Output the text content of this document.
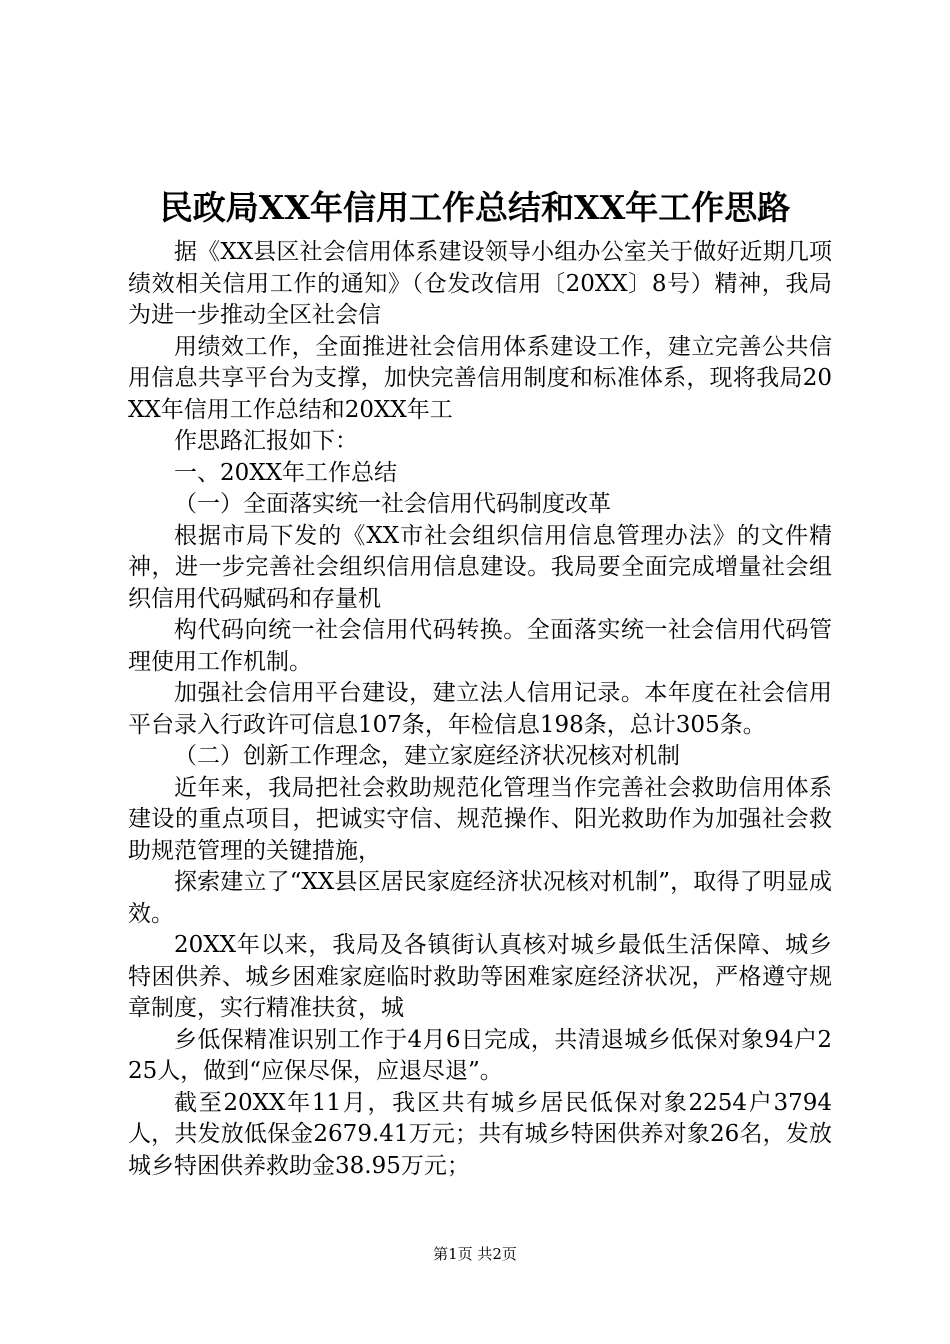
民政局XX年信用工作总结和XX年工作思路

据《XX县区社会信用体系建设领导小组办公室关于做好近期几项绩效相关信用工作的通知》（仓发改信用〔20XX〕8号）精神，我局为进一步推动全区社会信

用绩效工作，全面推进社会信用体系建设工作，建立完善公共信用信息共享平台为支撑，加快完善信用制度和标准体系，现将我局20XX年信用工作总结和20XX年工

作思路汇报如下：

一、20XX年工作总结

（一）全面落实统一社会信用代码制度改革

根据市局下发的《XX市社会组织信用信息管理办法》的文件精神，进一步完善社会组织信用信息建设。我局要全面完成增量社会组织信用代码赋码和存量机

构代码向统一社会信用代码转换。全面落实统一社会信用代码管理使用工作机制。

加强社会信用平台建设，建立法人信用记录。本年度在社会信用平台录入行政许可信息107条，年检信息198条，总计305条。

（二）创新工作理念，建立家庭经济状况核对机制

近年来，我局把社会救助规范化管理当作完善社会救助信用体系建设的重点项目，把诚实守信、规范操作、阳光救助作为加强社会救助规范管理的关键措施，

探索建立了“XX县区居民家庭经济状况核对机制”，取得了明显成效。

20XX年以来，我局及各镇街认真核对城乡最低生活保障、城乡特困供养、城乡困难家庭临时救助等困难家庭经济状况，严格遵守规章制度，实行精准扶贫，城

乡低保精准识别工作于4月6日完成，共清退城乡低保对象94户225人，做到“应保尽保，应退尽退”。

截至20XX年11月，我区共有城乡居民低保对象2254户3794人，共发放低保金2679.41万元；共有城乡特困供养对象26名，发放城乡特困供养救助金38.95万元；

第1页 共2页
